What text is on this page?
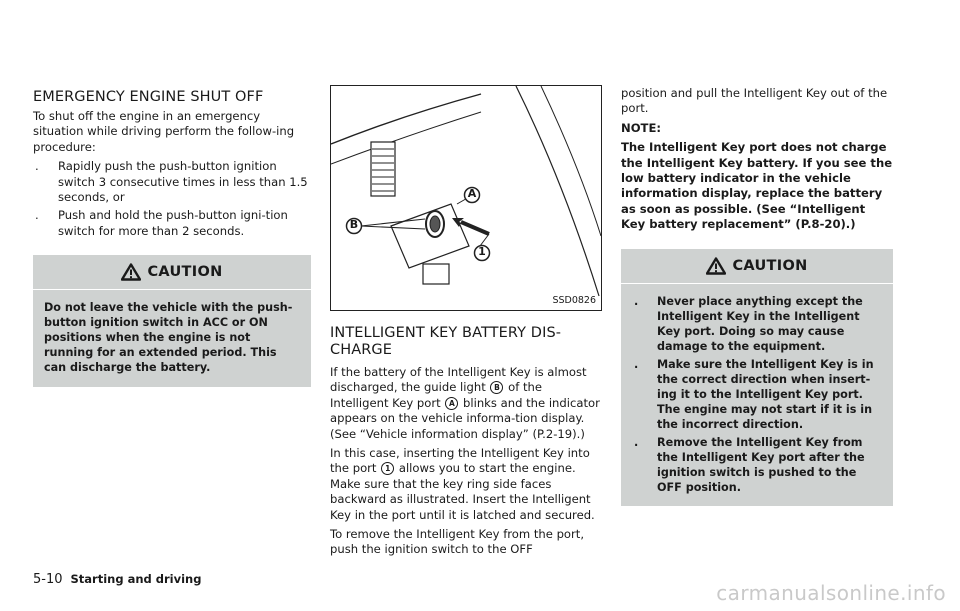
EMERGENCY ENGINE SHUT OFF

To shut off the engine in an emergency situation while driving perform the follow-ing procedure:

. Rapidly push the push-button ignition switch 3 consecutive times in less than 1.5 seconds, or
. Push and hold the push-button igni-tion switch for more than 2 seconds.
CAUTION

Do not leave the vehicle with the push-button ignition switch in ACC or ON positions when the engine is not running for an extended period. This can discharge the battery.

A
B
1
SSD0826
INTELLIGENT KEY BATTERY DIS-
CHARGE

If the battery of the Intelligent Key is almost discharged, the guide light B of the Intelligent Key port A blinks and the indicator appears on the vehicle informa-tion display. (See “Vehicle information display” (P.2-19).)

In this case, inserting the Intelligent Key into the port 1 allows you to start the engine. Make sure that the key ring side faces backward as illustrated. Insert the Intelligent Key in the port until it is latched and secured.

To remove the Intelligent Key from the port, push the ignition switch to the OFF

position and pull the Intelligent Key out of the port.

NOTE:

The Intelligent Key port does not charge the Intelligent Key battery. If you see the low battery indicator in the vehicle information display, replace the battery as soon as possible. (See “Intelligent Key battery replacement” (P.8-20).)

CAUTION
. Never place anything except the Intelligent Key in the Intelligent Key port. Doing so may cause damage to the equipment.
. Make sure the Intelligent Key is in the correct direction when insert-ing it to the Intelligent Key port. The engine may not start if it is in the incorrect direction.
. Remove the Intelligent Key from the Intelligent Key port after the ignition switch is pushed to the OFF position.
5-10 Starting and driving
carmanualsonline.info
